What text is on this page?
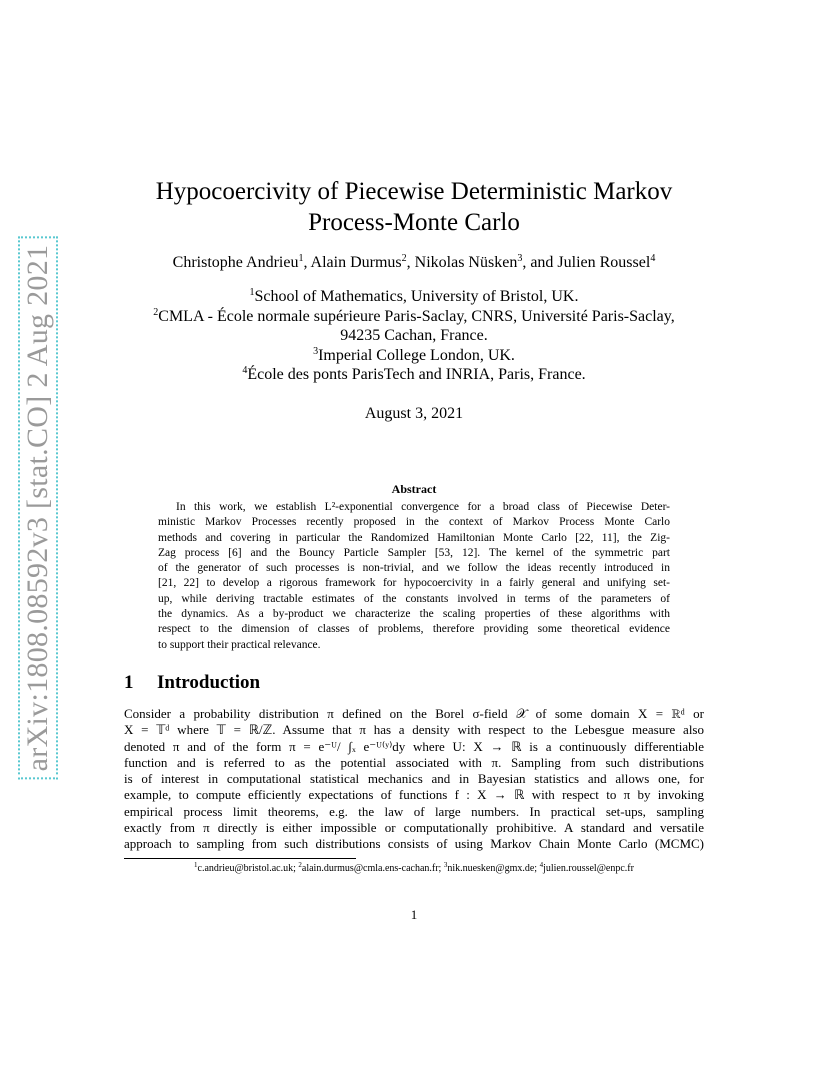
arXiv:1808.08592v3 [stat.CO] 2 Aug 2021
Hypocoercivity of Piecewise Deterministic Markov
Process-Monte Carlo
Christophe Andrieu$^1$, Alain Durmus$^2$, Nikolas Nüsken$^3$, and Julien Roussel$^4$
$^1$School of Mathematics, University of Bristol, UK.
$^2$CMLA - École normale supérieure Paris-Saclay, CNRS, Université Paris-Saclay,
94235 Cachan, France.
$^3$Imperial College London, UK.
$^4$École des ponts ParisTech and INRIA, Paris, France.
August 3, 2021
Abstract
In this work, we establish L²-exponential convergence for a broad class of Piecewise Deter-
ministic Markov Processes recently proposed in the context of Markov Process Monte Carlo
methods and covering in particular the Randomized Hamiltonian Monte Carlo [22, 11], the Zig-
Zag process [6] and the Bouncy Particle Sampler [53, 12]. The kernel of the symmetric part
of the generator of such processes is non-trivial, and we follow the ideas recently introduced in
[21, 22] to develop a rigorous framework for hypocoercivity in a fairly general and unifying set-
up, while deriving tractable estimates of the constants involved in terms of the parameters of
the dynamics. As a by-product we characterize the scaling properties of these algorithms with
respect to the dimension of classes of problems, therefore providing some theoretical evidence
to support their practical relevance.
1 Introduction
Consider a probability distribution π defined on the Borel σ-field 𝒳 of some domain X = ℝᵈ or
X = 𝕋ᵈ where 𝕋 = ℝ/ℤ. Assume that π has a density with respect to the Lebesgue measure also
denoted π and of the form π = e⁻ᵁ/ ∫ₓ e⁻ᵁ⁽ʸ⁾dy where U: X → ℝ is a continuously differentiable
function and is referred to as the potential associated with π. Sampling from such distributions
is of interest in computational statistical mechanics and in Bayesian statistics and allows one, for
example, to compute efficiently expectations of functions f : X → ℝ with respect to π by invoking
empirical process limit theorems, e.g. the law of large numbers. In practical set-ups, sampling
exactly from π directly is either impossible or computationally prohibitive. A standard and versatile
approach to sampling from such distributions consists of using Markov Chain Monte Carlo (MCMC)
$^1$c.andrieu@bristol.ac.uk; $^2$alain.durmus@cmla.ens-cachan.fr; $^3$nik.nuesken@gmx.de; $^4$julien.roussel@enpc.fr
1
